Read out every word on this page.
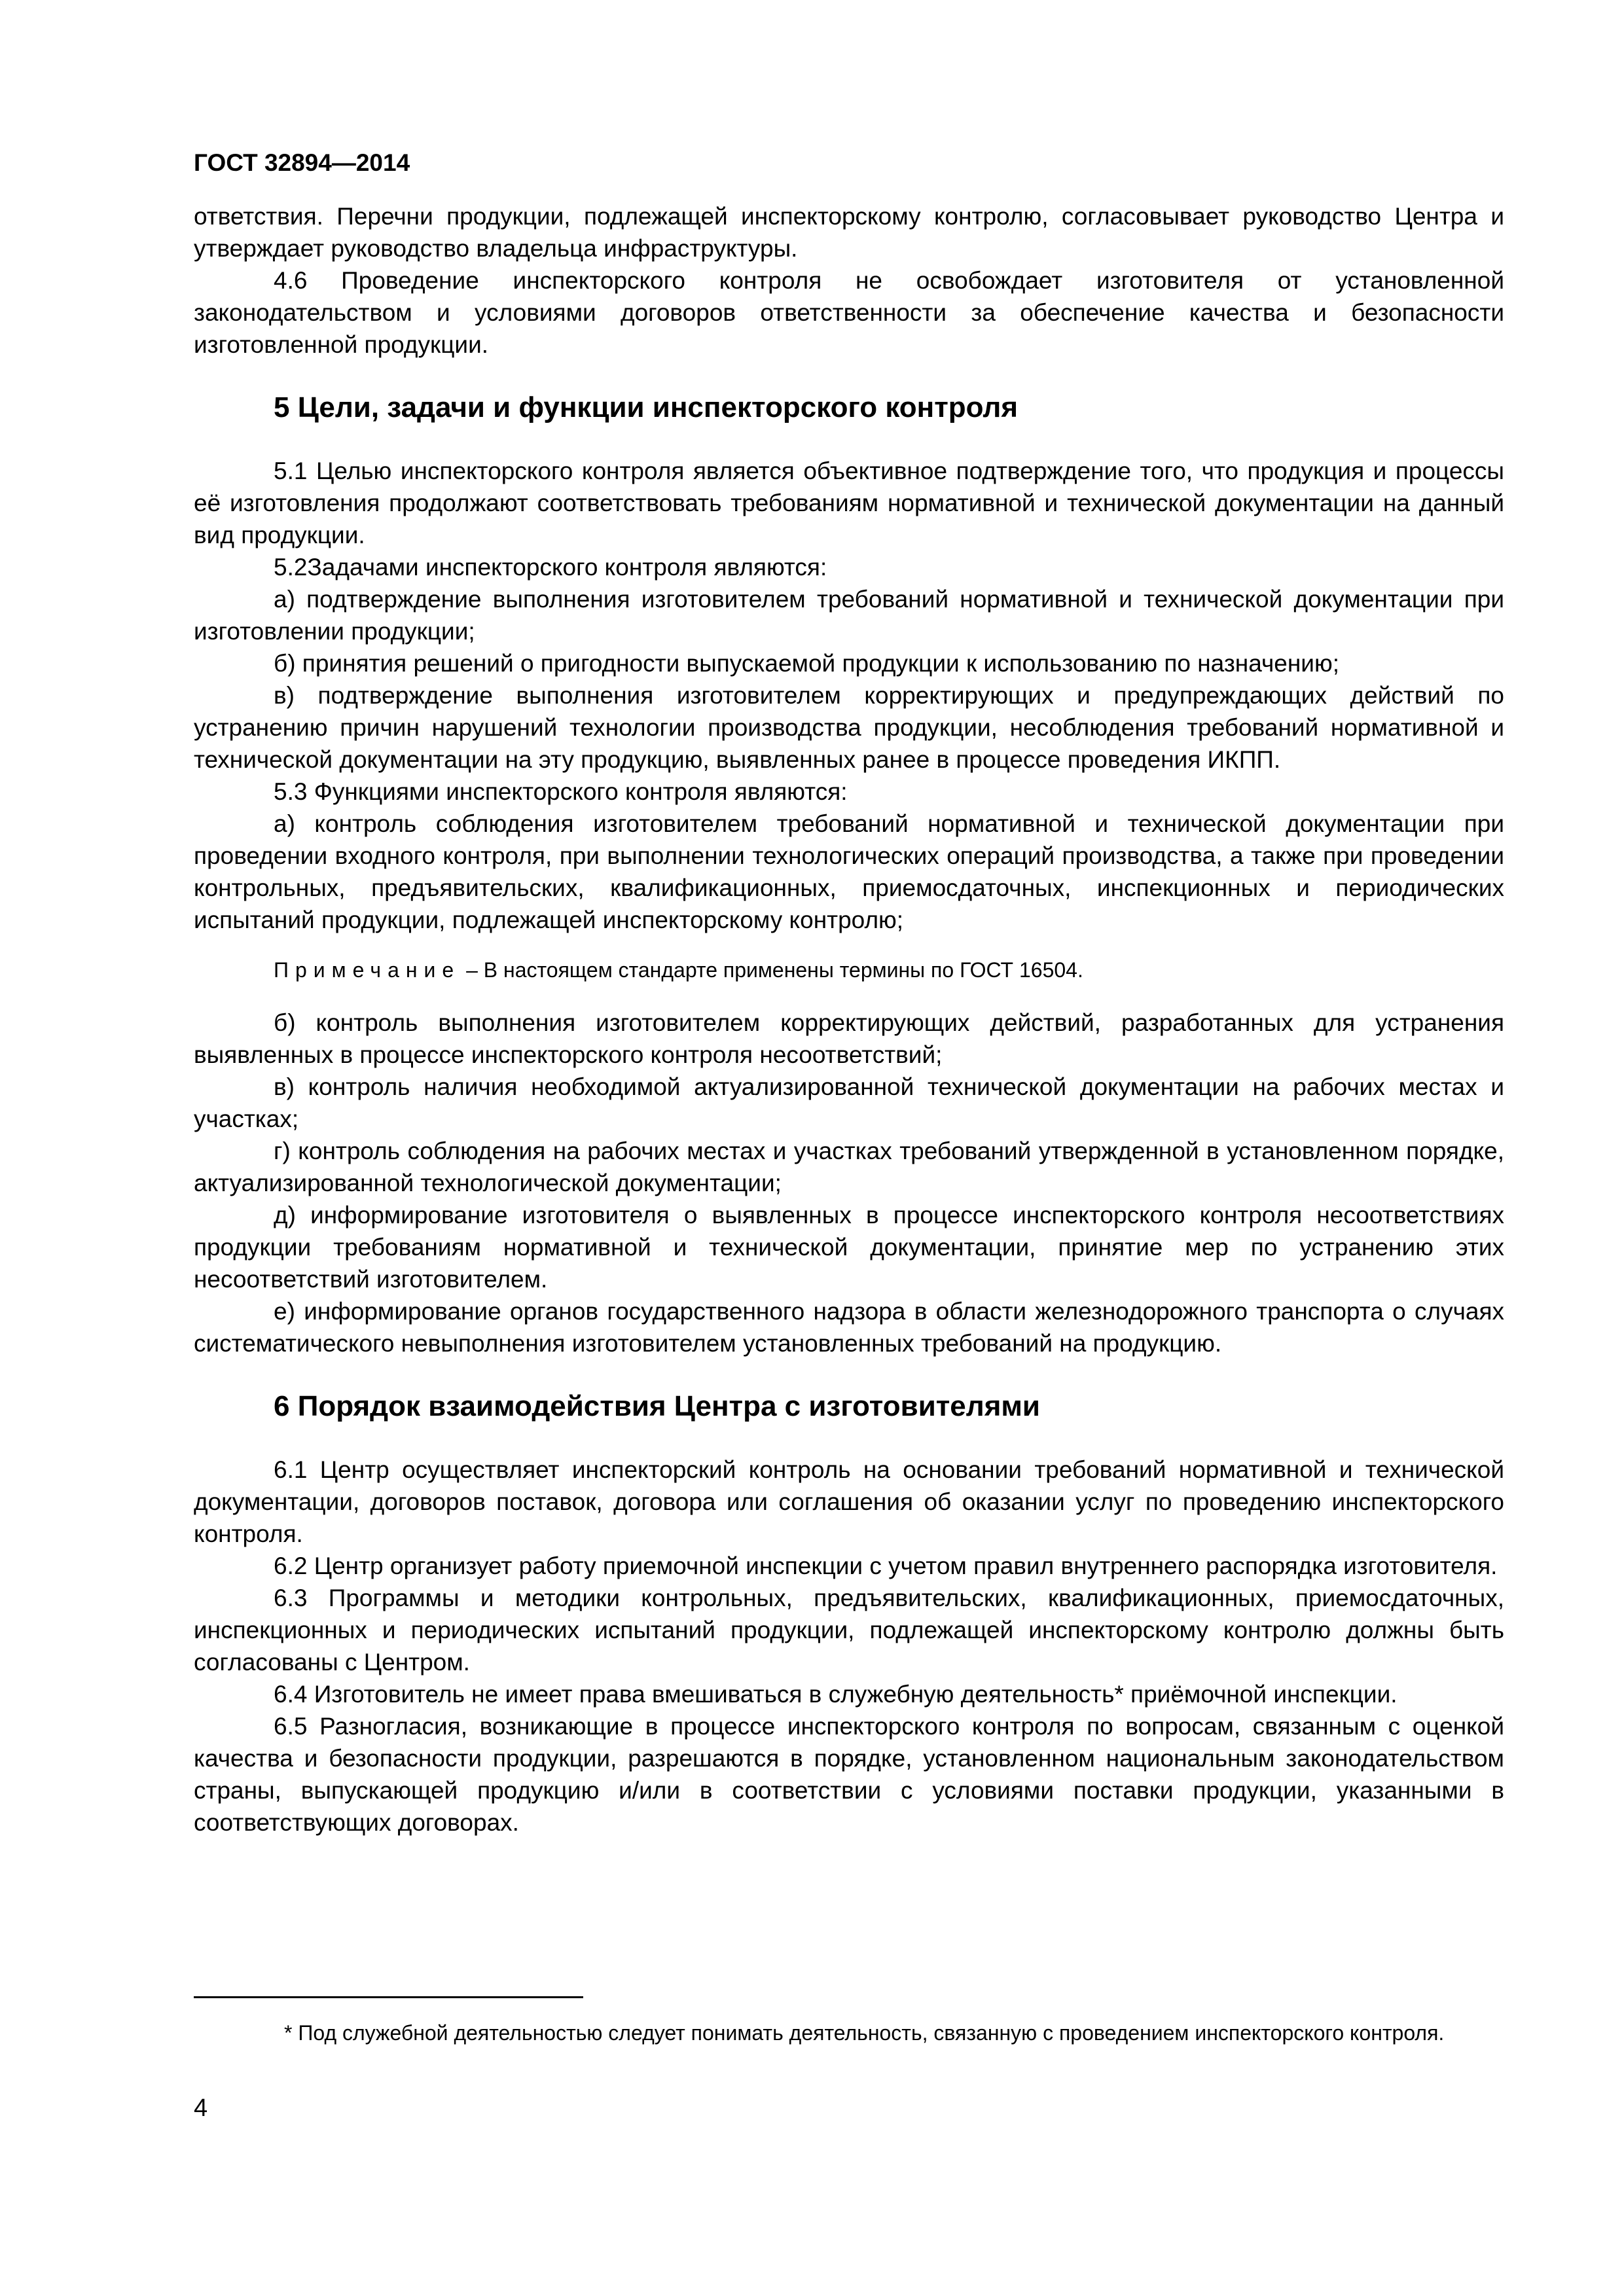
ГОСТ 32894—2014

ответствия. Перечни продукции, подлежащей инспекторскому контролю, согласовывает руководство Центра и утверждает руководство владельца инфраструктуры.

4.6 Проведение инспекторского контроля не освобождает изготовителя от установленной законодательством и условиями договоров ответственности за обеспечение качества и безопасности изготовленной продукции.

5 Цели, задачи и функции инспекторского контроля

5.1 Целью инспекторского контроля является объективное подтверждение того, что продукция и процессы её изготовления продолжают соответствовать требованиям нормативной и технической документации на данный вид продукции.

5.2Задачами инспекторского контроля являются:

а) подтверждение выполнения изготовителем требований нормативной и технической документации при изготовлении продукции;

б) принятия решений о пригодности выпускаемой продукции к использованию по назначению;

в) подтверждение выполнения изготовителем корректирующих и предупреждающих действий по устранению причин нарушений технологии производства продукции, несоблюдения требований нормативной и технической документации на эту продукцию, выявленных ранее в процессе проведения ИКПП.

5.3 Функциями инспекторского контроля являются:

а) контроль соблюдения изготовителем требований нормативной и технической документации при проведении входного контроля, при выполнении технологических операций производства, а также при проведении контрольных, предъявительских, квалификационных, приемосдаточных, инспекционных и периодических испытаний продукции, подлежащей инспекторскому контролю;

Примечание – В настоящем стандарте применены термины по ГОСТ 16504.

б) контроль выполнения изготовителем корректирующих действий, разработанных для устранения выявленных в процессе инспекторского контроля несоответствий;

в) контроль наличия необходимой актуализированной технической документации на рабочих местах и участках;

г) контроль соблюдения на рабочих местах и участках требований утвержденной в установленном порядке, актуализированной технологической документации;

д) информирование изготовителя о выявленных в процессе инспекторского контроля несоответствиях продукции требованиям нормативной и технической документации, принятие мер по устранению этих несоответствий изготовителем.

е) информирование органов государственного надзора в области железнодорожного транспорта о случаях систематического невыполнения изготовителем установленных требований на продукцию.

6 Порядок взаимодействия Центра с изготовителями

6.1 Центр осуществляет инспекторский контроль на основании требований нормативной и технической документации, договоров поставок, договора или соглашения об оказании услуг по проведению инспекторского контроля.

6.2 Центр организует работу приемочной инспекции с учетом правил внутреннего распорядка изготовителя.

6.3 Программы и методики контрольных, предъявительских, квалификационных, приемосдаточных, инспекционных и периодических испытаний продукции, подлежащей инспекторскому контролю должны быть согласованы с Центром.

6.4 Изготовитель не имеет права вмешиваться в служебную деятельность* приёмочной инспекции.

6.5 Разногласия, возникающие в процессе инспекторского контроля по вопросам, связанным с оценкой качества и безопасности продукции, разрешаются в порядке, установленном национальным законодательством страны, выпускающей продукцию и/или в соответствии с условиями поставки продукции, указанными в соответствующих договорах.

* Под служебной деятельностью следует понимать деятельность, связанную с проведением инспекторского контроля.

4
